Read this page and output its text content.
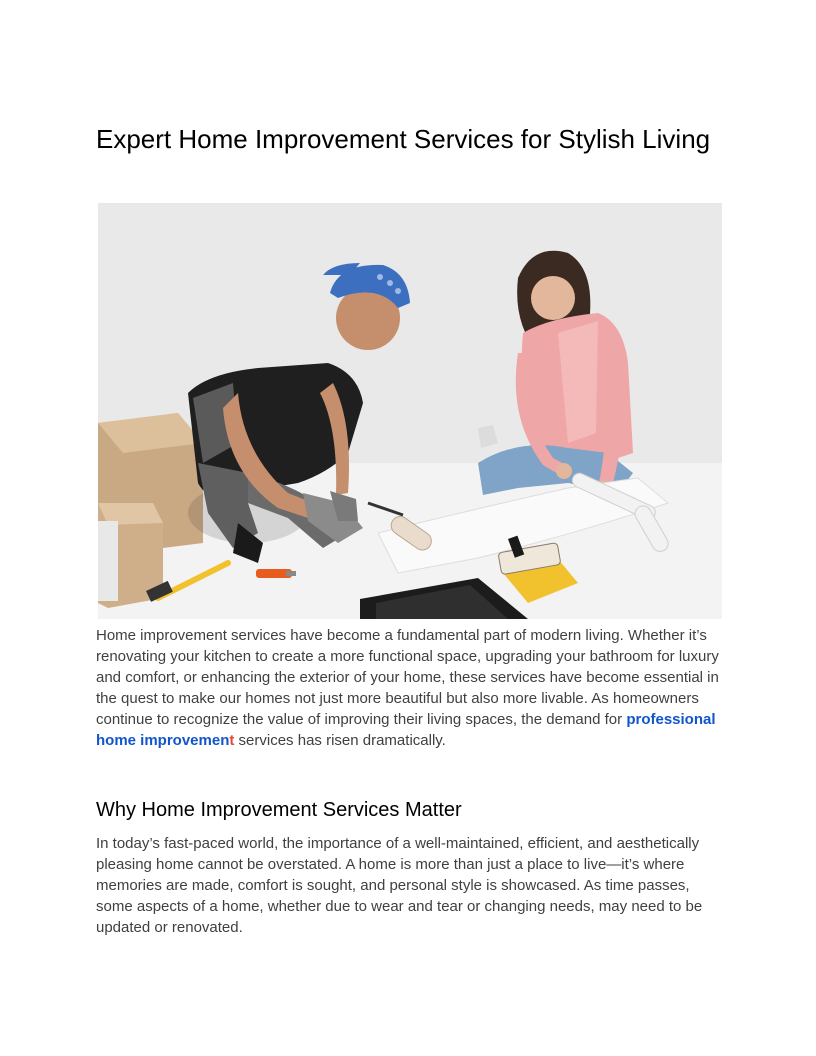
Expert Home Improvement Services for Stylish Living

Home improvement services have become a fundamental part of modern living. Whether it’s renovating your kitchen to create a more functional space, upgrading your bathroom for luxury and comfort, or enhancing the exterior of your home, these services have become essential in the quest to make our homes not just more beautiful but also more livable. As homeowners continue to recognize the value of improving their living spaces, the demand for professional home improvement services has risen dramatically.

Why Home Improvement Services Matter

In today’s fast-paced world, the importance of a well-maintained, efficient, and aesthetically pleasing home cannot be overstated. A home is more than just a place to live—it’s where memories are made, comfort is sought, and personal style is showcased. As time passes, some aspects of a home, whether due to wear and tear or changing needs, may need to be updated or renovated.
